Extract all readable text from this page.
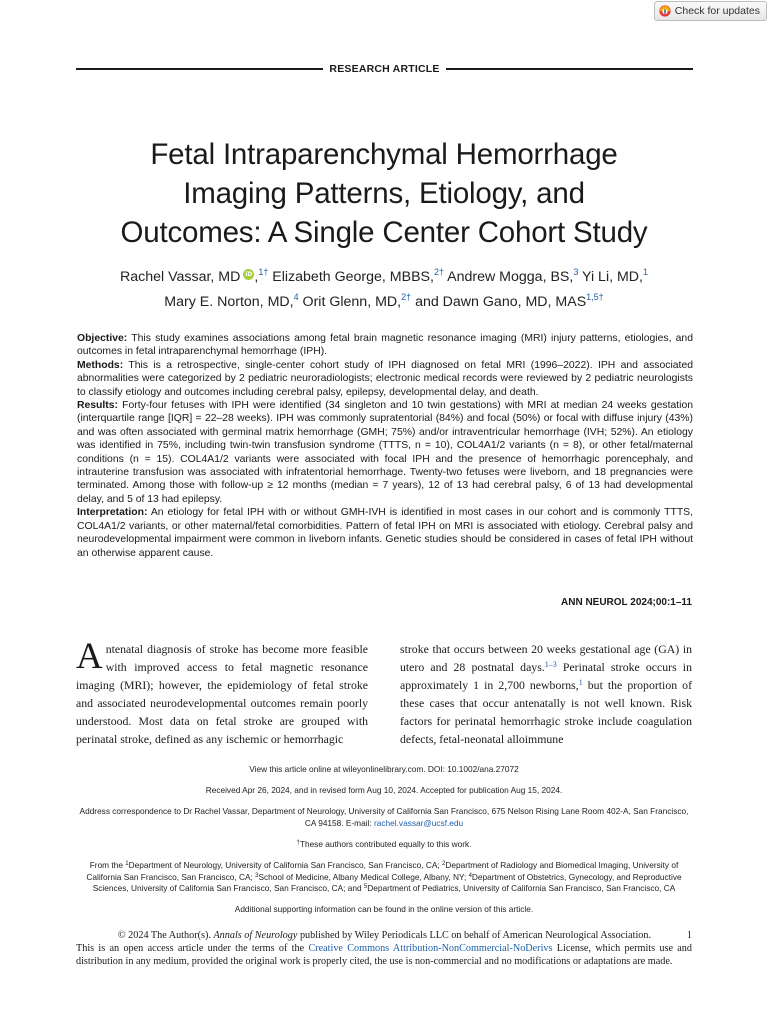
Check for updates
RESEARCH ARTICLE
Fetal Intraparenchymal Hemorrhage
Imaging Patterns, Etiology, and
Outcomes: A Single Center Cohort Study
Rachel Vassar, MDiD ,$^{1\dagger}$ Elizabeth George, MBBS,$^{2\dagger}$ Andrew Mogga, BS,$^3$ Yi Li, MD,$^1$
Mary E. Norton, MD,$^4$ Orit Glenn, MD,$^{2\dagger}$ and Dawn Gano, MD, $MAS^{1,5\dagger}$

Objective: This study examines associations among fetal brain magnetic resonance imaging (MRI) injury patterns, etiologies, and outcomes in fetal intraparenchymal hemorrhage (IPH).

Methods: This is a retrospective, single-center cohort study of IPH diagnosed on fetal MRI (1996–2022). IPH and associated abnormalities were categorized by 2 pediatric neuroradiologists; electronic medical records were reviewed by 2 pediatric neurologists to classify etiology and outcomes including cerebral palsy, epilepsy, developmental delay, and death.

Results: Forty-four fetuses with IPH were identified (34 singleton and 10 twin gestations) with MRI at median 24 weeks gestation (interquartile range [IQR] = 22–28 weeks). IPH was commonly supratentorial (84%) and focal (50%) or focal with diffuse injury (43%) and was often associated with germinal matrix hemorrhage (GMH; 75%) and/or intraventricular hemorrhage (IVH; 52%). An etiology was identified in 75%, including twin-twin transfusion syndrome (TTTS, n = 10), COL4A1/2 variants (n = 8), or other fetal/maternal conditions (n = 15). COL4A1/2 variants were associated with focal IPH and the presence of hemorrhagic porencephaly, and intrauterine transfusion was associated with infratentorial hemorrhage. Twenty-two fetuses were liveborn, and 18 pregnancies were terminated. Among those with follow-up ≥ 12 months (median = 7 years), 12 of 13 had cerebral palsy, 6 of 13 had developmental delay, and 5 of 13 had epilepsy.

Interpretation: An etiology for fetal IPH with or without GMH-IVH is identified in most cases in our cohort and is commonly TTTS, COL4A1/2 variants, or other maternal/fetal comorbidities. Pattern of fetal IPH on MRI is associated with etiology. Cerebral palsy and neurodevelopmental impairment were common in liveborn infants. Genetic studies should be considered in cases of fetal IPH without an otherwise apparent cause.

ANN NEUROL 2024;00:1–11

Antenatal diagnosis of stroke has become more feasible with improved access to fetal magnetic resonance imaging (MRI); however, the epidemiology of fetal stroke and associated neurodevelopmental outcomes remain poorly understood. Most data on fetal stroke are grouped with perinatal stroke, defined as any ischemic or hemorrhagic

stroke that occurs between 20 weeks gestational age (GA) in utero and 28 postnatal days.$^{1-3}$ Perinatal stroke occurs in approximately 1 in 2,700 newborns,$^1$ but the proportion of these cases that occur antenatally is not well known. Risk factors for perinatal hemorrhagic stroke include coagulation defects, fetal-neonatal alloimmune

View this article online at wileyonlinelibrary.com. DOI: 10.1002/ana.27072

Received Apr 26, 2024, and in revised form Aug 10, 2024. Accepted for publication Aug 15, 2024.

Address correspondence to Dr Rachel Vassar, Department of Neurology, University of California San Francisco, 675 Nelson Rising Lane Room 402-A, San Francisco, CA 94158. E-mail: rachel.vassar@ucsf.edu

†These authors contributed equally to this work.

From the $^1$Department of Neurology, University of California San Francisco, San Francisco, CA; $^2$Department of Radiology and Biomedical Imaging, University of California San Francisco, San Francisco, CA; $^3$School of Medicine, Albany Medical College, Albany, NY; $^4$Department of Obstetrics, Gynecology, and Reproductive Sciences, University of California San Francisco, San Francisco, CA; and $^5$Department of Pediatrics, University of California San Francisco, San Francisco, CA

Additional supporting information can be found in the online version of this article.

© 2024 The Author(s). Annals of Neurology published by Wiley Periodicals LLC on behalf of American Neurological Association.	1

This is an open access article under the terms of the Creative Commons Attribution-NonCommercial-NoDerivs License, which permits use and distribution in any medium, provided the original work is properly cited, the use is non-commercial and no modifications or adaptations are made.
